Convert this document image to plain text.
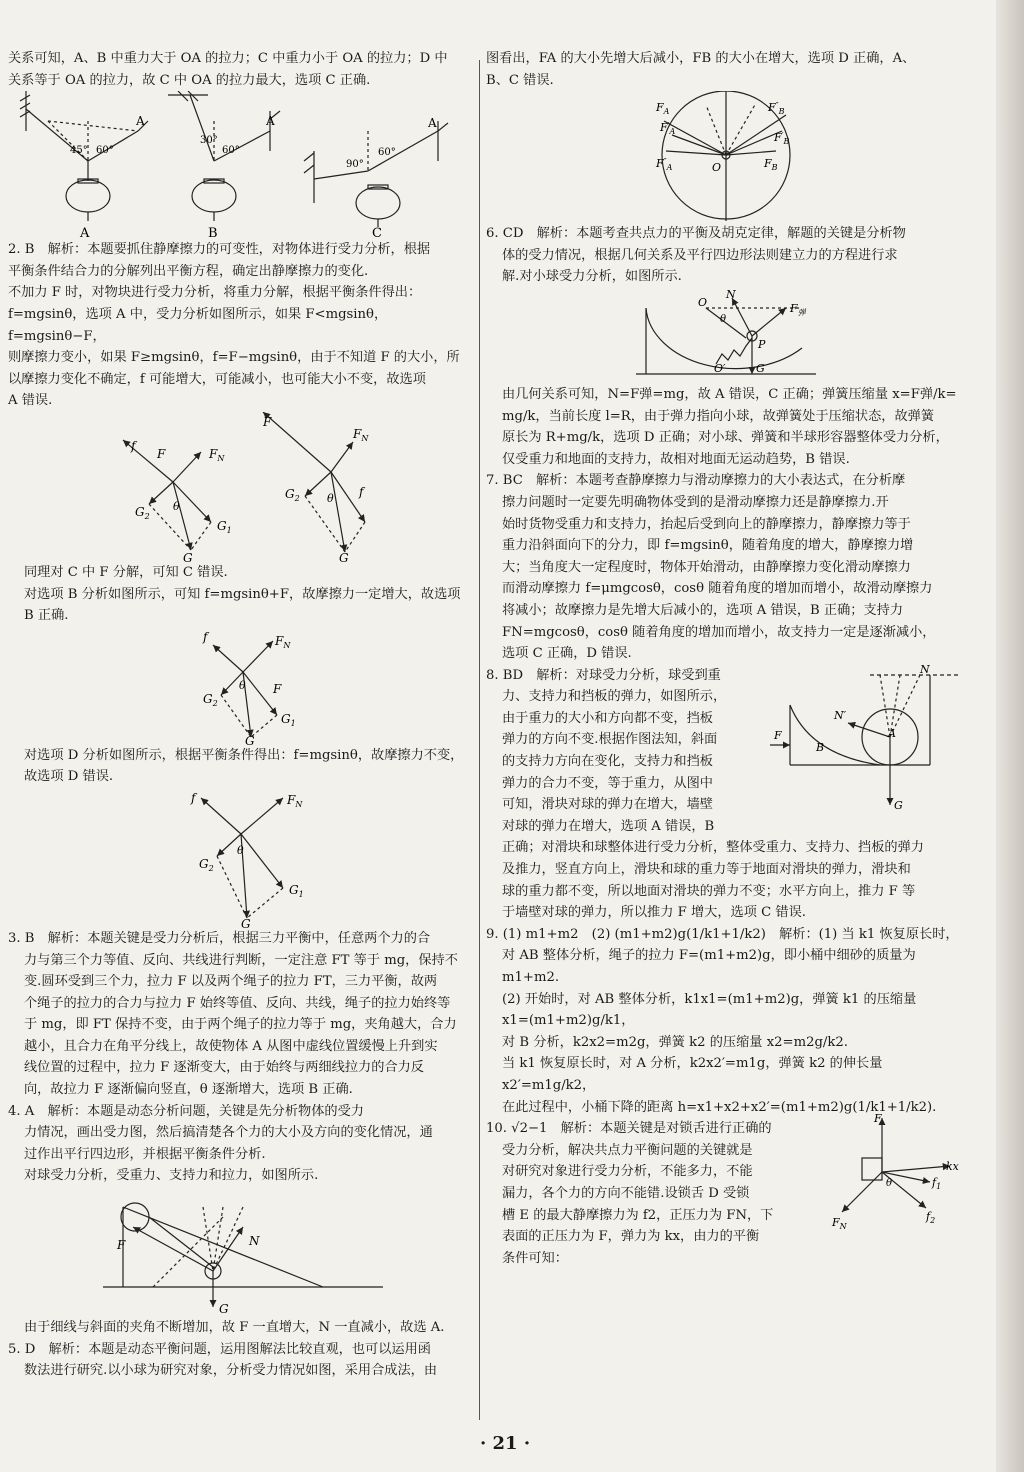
关系可知，A、B 中重力大于 OA 的拉力；C 中重力小于 OA 的拉力；D 中

关系等于 OA 的拉力，故 C 中 OA 的拉力最大，选项 C 正确.

45° 60°
A
30°
60°
A
90°
60°
A
A	B	C

2. B　解析：本题要抓住静摩擦力的可变性，对物体进行受力分析，根据

平衡条件结合力的分解列出平衡方程，确定出静摩擦力的变化.

不加力 F 时，对物块进行受力分析，将重力分解，根据平衡条件得出：

f=mgsinθ，选项 A 中，受力分析如图所示，如果 F<mgsinθ，f=mgsinθ−F，

则摩擦力变小，如果 F≥mgsinθ，f=F−mgsinθ，由于不知道 F 的大小，所

以摩擦力变化不确定，f 可能增大，可能减小，也可能大小不变，故选项

A 错误.

f
F	$F_N$
θ
$G_2$
$G_1$
G
F
$F_N$
f
θ
$G_2$
G

同理对 C 中 F 分解，可知 C 错误.

对选项 B 分析如图所示，可知 f=mgsinθ+F，故摩擦力一定增大，故选项

B 正确.

f	$F_N$
F
θ
$G_2$
$G_1$
G

对选项 D 分析如图所示，根据平衡条件得出：f=mgsinθ，故摩擦力不变，

故选项 D 错误.

f	$F_N$
θ
$G_2$
$G_1$
G

3. B　解析：本题关键是受力分析后，根据三力平衡中，任意两个力的合

力与第三个力等值、反向、共线进行判断，一定注意 FT 等于 mg，保持不

变.圆环受到三个力，拉力 F 以及两个绳子的拉力 FT，三力平衡，故两

个绳子的拉力的合力与拉力 F 始终等值、反向、共线，绳子的拉力始终等

于 mg，即 FT 保持不变，由于两个绳子的拉力等于 mg，夹角越大，合力

越小，且合力在角平分线上，故使物体 A 从图中虚线位置缓慢上升到实

线位置的过程中，拉力 F 逐渐变大，由于始终与两细线拉力的合力反

向，故拉力 F 逐渐偏向竖直，θ 逐渐增大，选项 B 正确.

4. A　解析：本题是动态分析问题，关键是先分析物体的受力

力情况，画出受力图，然后搞清楚各个力的大小及方向的变化情况，通

过作出平行四边形，并根据平衡条件分析.

对球受力分析，受重力、支持力和拉力，如图所示.

F	N
G

由于细线与斜面的夹角不断增加，故 F 一直增大，N 一直减小，故选 A.

5. D　解析：本题是动态平衡问题，运用图解法比较直观，也可以运用函

数法进行研究.以小球为研究对象，分析受力情况如图，采用合成法，由

图看出，FA 的大小先增大后减小，FB 的大小在增大，选项 D 正确，A、

B、C 错误.

$F_A$
$F'_A$
$F''_A$
$F''_B$
$F'_B$
$F_B$
O

6. CD　解析：本题考查共点力的平衡及胡克定律，解题的关键是分析物

体的受力情况，根据几何关系及平行四边形法则建立力的方程进行求

解.对小球受力分析，如图所示.

O
θ
N
$F_弹$
P
O′	G

由几何关系可知，N=F弹=mg，故 A 错误，C 正确；弹簧压缩量 x=F弹/k=

mg/k，当前长度 l=R，由于弹力指向小球，故弹簧处于压缩状态，故弹簧

原长为 R+mg/k，选项 D 正确；对小球、弹簧和半球形容器整体受力分析，

仅受重力和地面的支持力，故相对地面无运动趋势，B 错误.

7. BC　解析：本题考查静摩擦力与滑动摩擦力的大小表达式，在分析摩

擦力问题时一定要先明确物体受到的是滑动摩擦力还是静摩擦力.开

始时货物受重力和支持力，抬起后受到向上的静摩擦力，静摩擦力等于

重力沿斜面向下的分力，即 f=mgsinθ，随着角度的增大，静摩擦力增

大；当角度大一定程度时，物体开始滑动，由静摩擦力变化滑动摩擦力

而滑动摩擦力 f=μmgcosθ，cosθ 随着角度的增加而增小，故滑动摩擦力

将减小；故摩擦力是先增大后减小的，选项 A 错误，B 正确；支持力

FN=mgcosθ，cosθ 随着角度的增加而增小，故支持力一定是逐渐减小，

选项 C 正确，D 错误.

8. BD　解析：对球受力分析，球受到重

力、支持力和挡板的弹力，如图所示，

由于重力的大小和方向都不变，挡板

弹力的方向不变.根据作图法知，斜面

的支持力方向在变化，支持力和挡板

弹力的合力不变，等于重力，从图中

可知，滑块对球的弹力在增大，墙壁

对球的弹力在增大，选项 A 错误，B

N
N′
A
B
F
G

正确；对滑块和球整体进行受力分析，整体受重力、支持力、挡板的弹力

及推力，竖直方向上，滑块和球的重力等于地面对滑块的弹力，滑块和

球的重力都不变，所以地面对滑块的弹力不变；水平方向上，推力 F 等

于墙壁对球的弹力，所以推力 F 增大，选项 C 错误.

9. (1) m1+m2　(2) (m1+m2)g(1/k1+1/k2)　解析：(1) 当 k1 恢复原长时，

对 AB 整体分析，绳子的拉力 F=(m1+m2)g，即小桶中细砂的质量为

m1+m2.

(2) 开始时，对 AB 整体分析，k1x1=(m1+m2)g，弹簧 k1 的压缩量

x1=(m1+m2)g/k1，

对 B 分析，k2x2=m2g，弹簧 k2 的压缩量 x2=m2g/k2.

当 k1 恢复原长时，对 A 分析，k2x2′=m1g，弹簧 k2 的伸长量 x2′=m1g/k2，

在此过程中，小桶下降的距离 h=x1+x2+x2′=(m1+m2)g(1/k1+1/k2).

10. √2−1　解析：本题关键是对锁舌进行正确的

受力分析，解决共点力平衡问题的关键就是

对研究对象进行受力分析，不能多力，不能

漏力，各个力的方向不能错.设锁舌 D 受锁

槽 E 的最大静摩擦力为 f2，正压力为 FN，下

表面的正压力为 F，弹力为 kx，由力的平衡

条件可知：

F
kx
$f_1$
$f_2$
$F_N$
θ
· 21 ·
